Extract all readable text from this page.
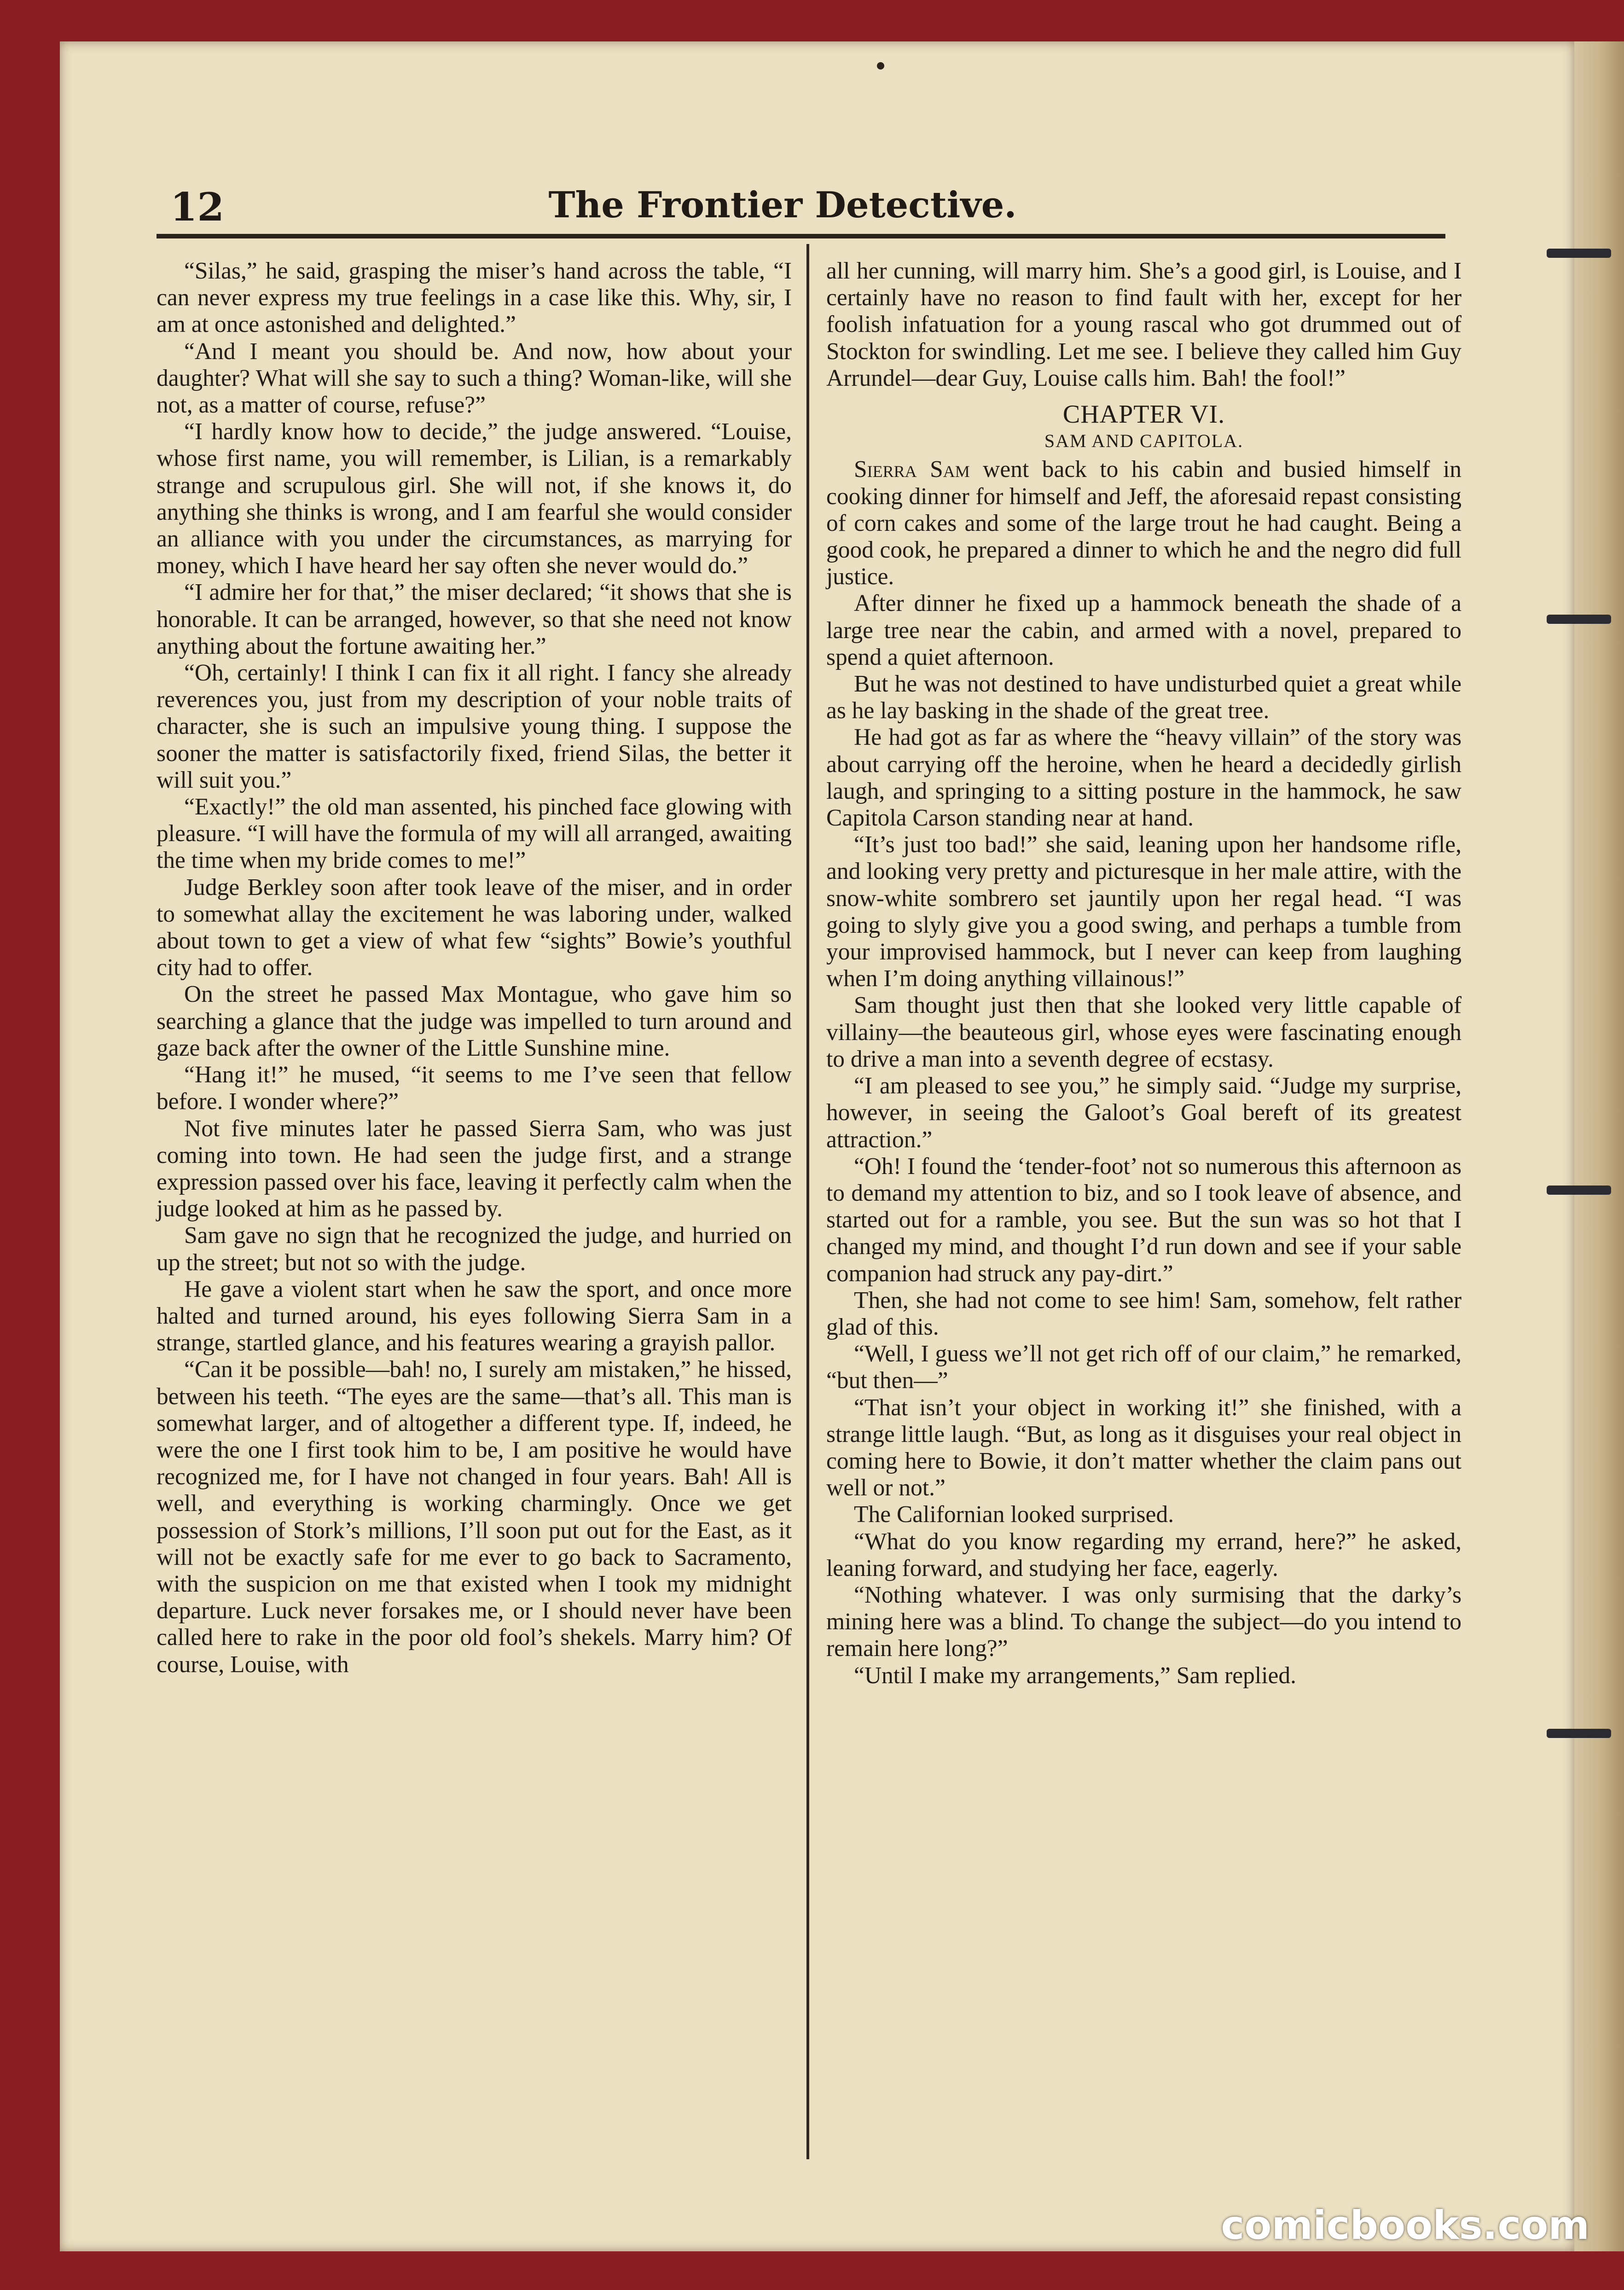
12	The Frontier Detective.

“Silas,” he said, grasping the miser’s hand across the table, “I can never express my true feelings in a case like this. Why, sir, I am at once astonished and delighted.”

“And I meant you should be. And now, how about your daughter? What will she say to such a thing? Woman-like, will she not, as a matter of course, refuse?”

“I hardly know how to decide,” the judge answered. “Louise, whose first name, you will remember, is Lilian, is a remarkably strange and scrupulous girl. She will not, if she knows it, do anything she thinks is wrong, and I am fearful she would consider an alliance with you under the circumstances, as marrying for money, which I have heard her say often she never would do.”

“I admire her for that,” the miser declared; “it shows that she is honorable. It can be arranged, however, so that she need not know anything about the fortune awaiting her.”

“Oh, certainly! I think I can fix it all right. I fancy she already reverences you, just from my description of your noble traits of character, she is such an impulsive young thing. I suppose the sooner the matter is satisfactorily fixed, friend Silas, the better it will suit you.”

“Exactly!” the old man assented, his pinched face glowing with pleasure. “I will have the formula of my will all arranged, awaiting the time when my bride comes to me!”

Judge Berkley soon after took leave of the miser, and in order to somewhat allay the excitement he was laboring under, walked about town to get a view of what few “sights” Bowie’s youthful city had to offer.

On the street he passed Max Montague, who gave him so searching a glance that the judge was impelled to turn around and gaze back after the owner of the Little Sunshine mine.

“Hang it!” he mused, “it seems to me I’ve seen that fellow before. I wonder where?”

Not five minutes later he passed Sierra Sam, who was just coming into town. He had seen the judge first, and a strange expression passed over his face, leaving it perfectly calm when the judge looked at him as he passed by.

Sam gave no sign that he recognized the judge, and hurried on up the street; but not so with the judge.

He gave a violent start when he saw the sport, and once more halted and turned around, his eyes following Sierra Sam in a strange, startled glance, and his features wearing a grayish pallor.

“Can it be possible—bah! no, I surely am mistaken,” he hissed, between his teeth. “The eyes are the same—that’s all. This man is somewhat larger, and of altogether a different type. If, indeed, he were the one I first took him to be, I am positive he would have recognized me, for I have not changed in four years. Bah! All is well, and everything is working charmingly. Once we get possession of Stork’s millions, I’ll soon put out for the East, as it will not be exactly safe for me ever to go back to Sacramento, with the suspicion on me that existed when I took my midnight departure. Luck never forsakes me, or I should never have been called here to rake in the poor old fool’s shekels. Marry him? Of course, Louise, with

all her cunning, will marry him. She’s a good girl, is Louise, and I certainly have no reason to find fault with her, except for her foolish infatuation for a young rascal who got drummed out of Stockton for swindling. Let me see. I believe they called him Guy Arrundel—dear Guy, Louise calls him. Bah! the fool!”

CHAPTER VI.
SAM AND CAPITOLA.

Sierra Sam went back to his cabin and busied himself in cooking dinner for himself and Jeff, the aforesaid repast consisting of corn cakes and some of the large trout he had caught. Being a good cook, he prepared a dinner to which he and the negro did full justice.

After dinner he fixed up a hammock beneath the shade of a large tree near the cabin, and armed with a novel, prepared to spend a quiet afternoon.

But he was not destined to have undisturbed quiet a great while as he lay basking in the shade of the great tree.

He had got as far as where the “heavy villain” of the story was about carrying off the heroine, when he heard a decidedly girlish laugh, and springing to a sitting posture in the hammock, he saw Capitola Carson standing near at hand.

“It’s just too bad!” she said, leaning upon her handsome rifle, and looking very pretty and picturesque in her male attire, with the snow-white sombrero set jauntily upon her regal head. “I was going to slyly give you a good swing, and perhaps a tumble from your improvised hammock, but I never can keep from laughing when I’m doing anything villainous!”

Sam thought just then that she looked very little capable of villainy—the beauteous girl, whose eyes were fascinating enough to drive a man into a seventh degree of ecstasy.

“I am pleased to see you,” he simply said. “Judge my surprise, however, in seeing the Galoot’s Goal bereft of its greatest attraction.”

“Oh! I found the ‘tender-foot’ not so numerous this afternoon as to demand my attention to biz, and so I took leave of absence, and started out for a ramble, you see. But the sun was so hot that I changed my mind, and thought I’d run down and see if your sable companion had struck any pay-dirt.”

Then, she had not come to see him! Sam, somehow, felt rather glad of this.

“Well, I guess we’ll not get rich off of our claim,” he remarked, “but then—”

“That isn’t your object in working it!” she finished, with a strange little laugh. “But, as long as it disguises your real object in coming here to Bowie, it don’t matter whether the claim pans out well or not.”

The Californian looked surprised.

“What do you know regarding my errand, here?” he asked, leaning forward, and studying her face, eagerly.

“Nothing whatever. I was only surmising that the darky’s mining here was a blind. To change the subject—do you intend to remain here long?”

“Until I make my arrangements,” Sam replied.

comicbooks.com
